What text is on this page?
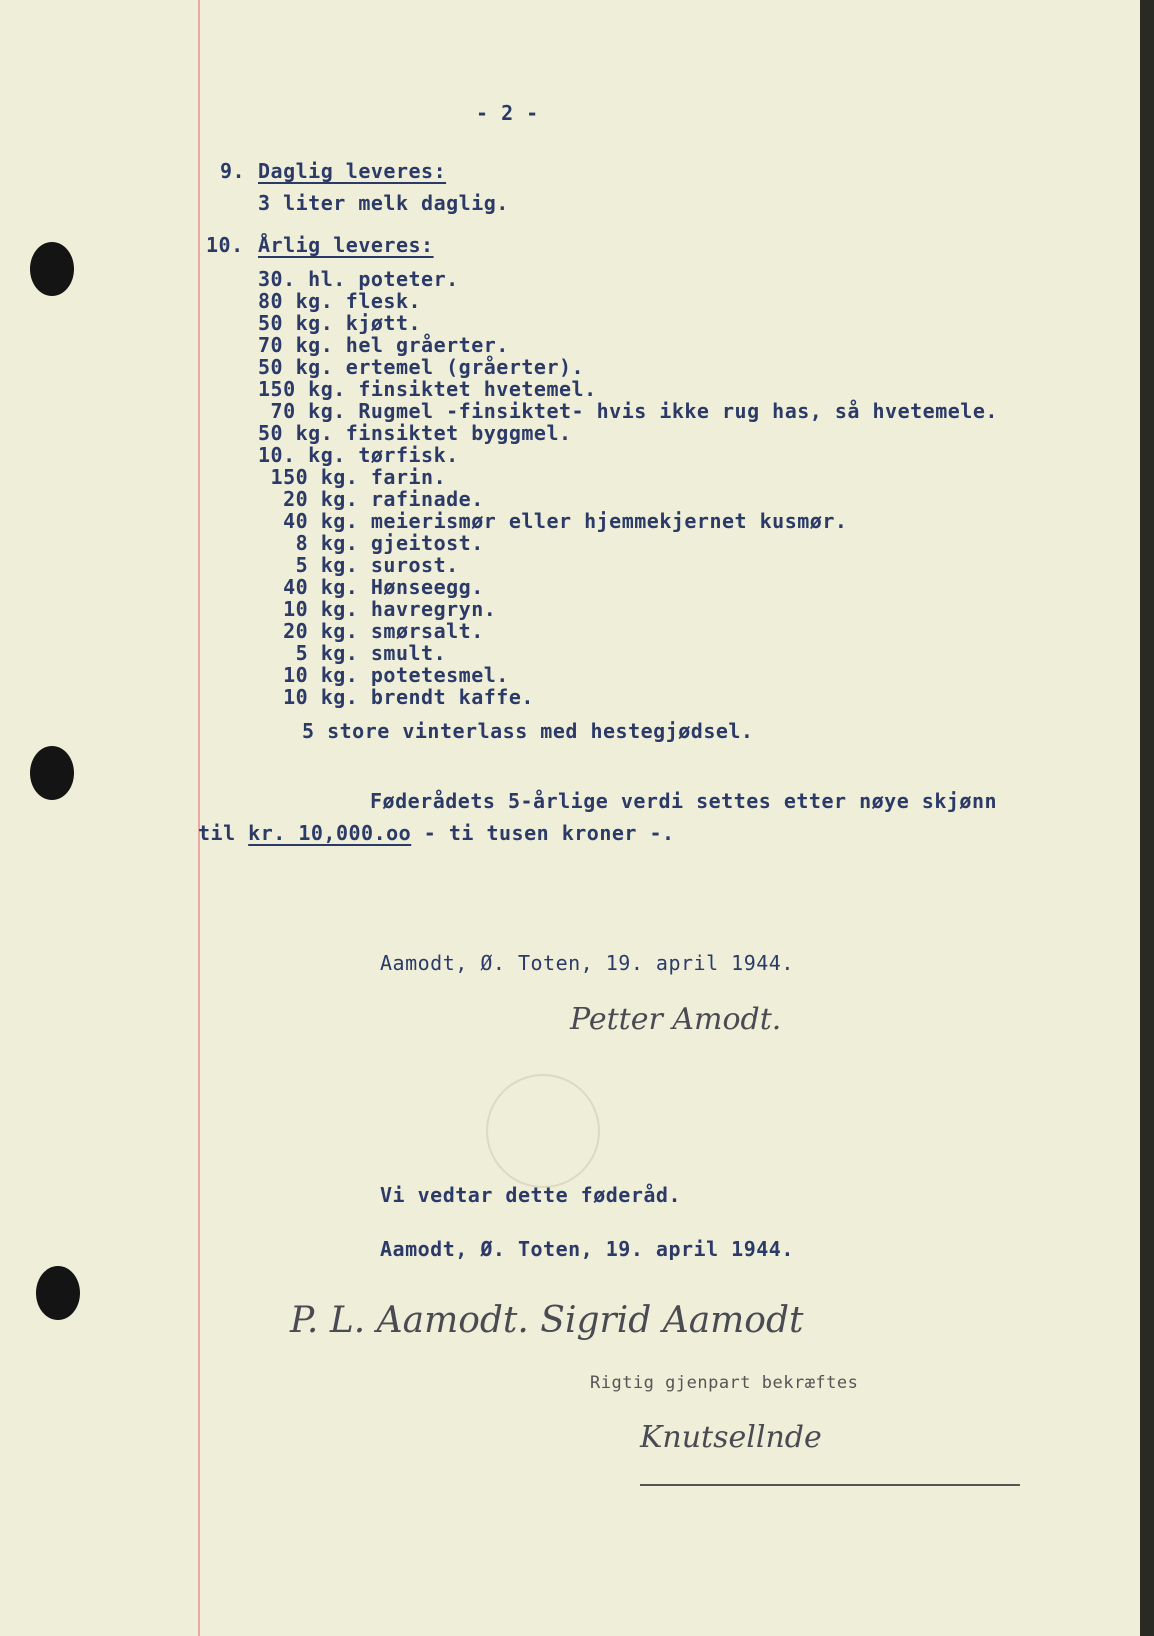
- 2 -
9. Daglig leveres:
3 liter melk daglig.
10. Årlig leveres:
30. hl. poteter.
80 kg. flesk.
50 kg. kjøtt.
70 kg. hel gråerter.
50 kg. ertemel (gråerter).
150 kg. finsiktet hvetemel.
70 kg. Rugmel -finsiktet- hvis ikke rug has, så hvetemele.
50 kg. finsiktet byggmel.
10. kg. tørfisk.
150 kg. farin.
20 kg. rafinade.
40 kg. meierismør eller hjemmekjernet kusmør.
8 kg. gjeitost.
5 kg. surost.
40 kg. Hønseegg.
10 kg. havregryn.
20 kg. smørsalt.
5 kg. smult.
10 kg. potetesmel.
10 kg. brendt kaffe.
5 store vinterlass med hestegjødsel.
Føderådets 5-årlige verdi settes etter nøye skjønn
til kr. 10,000.oo - ti tusen kroner -.
Aamodt, Ø. Toten, 19. april 1944.
Petter Amodt.
Vi vedtar dette føderåd.
Aamodt, Ø. Toten, 19. april 1944.
P. L. Aamodt. Sigrid Aamodt
Rigtig gjenpart bekræftes
Knutsellnde
